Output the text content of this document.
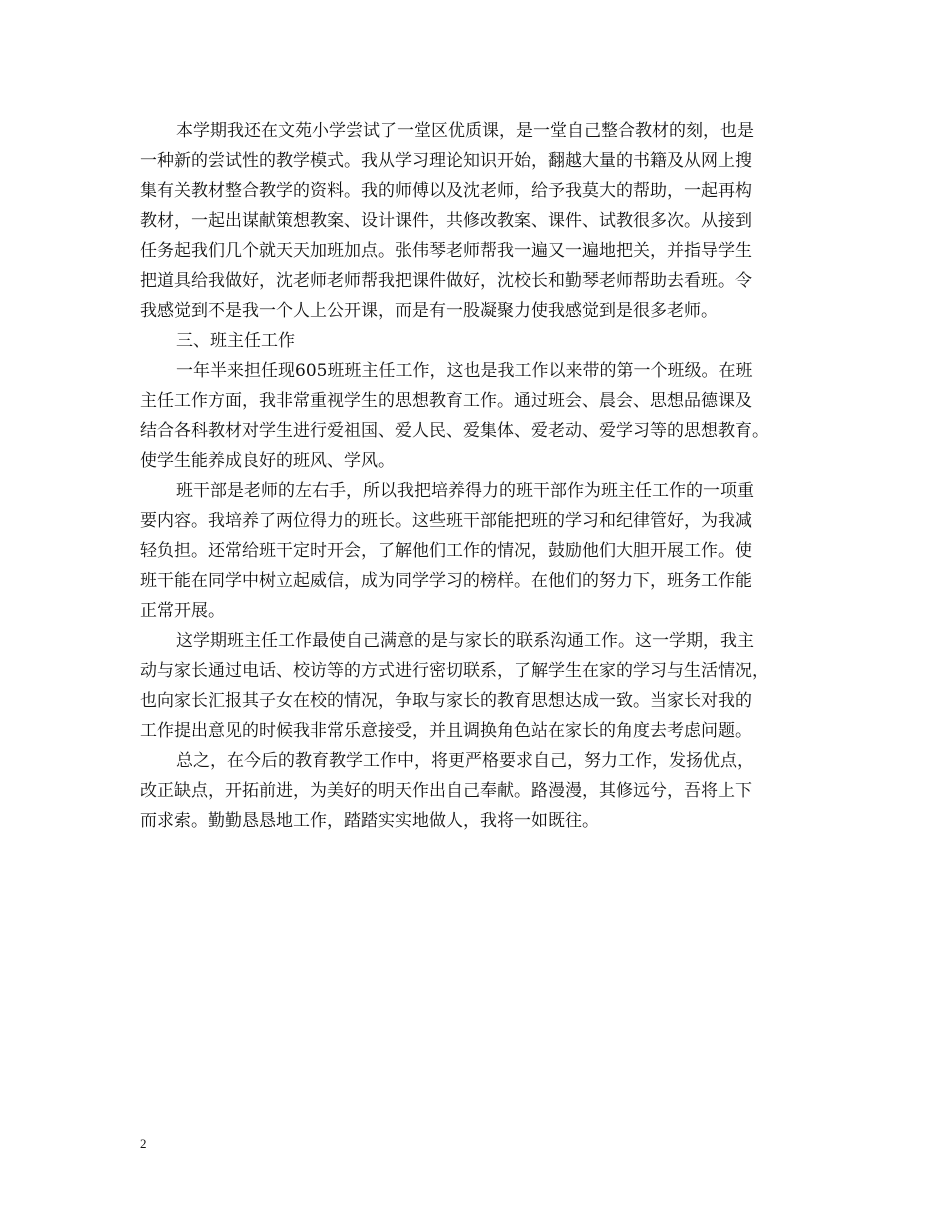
本学期我还在文苑小学尝试了一堂区优质课，是一堂自己整合教材的刻，也是
一种新的尝试性的教学模式。我从学习理论知识开始，翻越大量的书籍及从网上搜
集有关教材整合教学的资料。我的师傅以及沈老师，给予我莫大的帮助，一起再构
教材，一起出谋献策想教案、设计课件，共修改教案、课件、试教很多次。从接到
任务起我们几个就天天加班加点。张伟琴老师帮我一遍又一遍地把关，并指导学生
把道具给我做好，沈老师老师帮我把课件做好，沈校长和勤琴老师帮助去看班。令
我感觉到不是我一个人上公开课，而是有一股凝聚力使我感觉到是很多老师。
三、班主任工作
一年半来担任现605班班主任工作，这也是我工作以来带的第一个班级。在班
主任工作方面，我非常重视学生的思想教育工作。通过班会、晨会、思想品德课及
结合各科教材对学生进行爱祖国、爱人民、爱集体、爱老动、爱学习等的思想教育。
使学生能养成良好的班风、学风。
班干部是老师的左右手，所以我把培养得力的班干部作为班主任工作的一项重
要内容。我培养了两位得力的班长。这些班干部能把班的学习和纪律管好，为我减
轻负担。还常给班干定时开会，了解他们工作的情况，鼓励他们大胆开展工作。使
班干能在同学中树立起威信，成为同学学习的榜样。在他们的努力下，班务工作能
正常开展。
这学期班主任工作最使自己满意的是与家长的联系沟通工作。这一学期，我主
动与家长通过电话、校访等的方式进行密切联系，了解学生在家的学习与生活情况，
也向家长汇报其子女在校的情况，争取与家长的教育思想达成一致。当家长对我的
工作提出意见的时候我非常乐意接受，并且调换角色站在家长的角度去考虑问题。
总之，在今后的教育教学工作中，将更严格要求自己，努力工作，发扬优点，
改正缺点，开拓前进，为美好的明天作出自己奉献。路漫漫，其修远兮，吾将上下
而求索。勤勤恳恳地工作，踏踏实实地做人，我将一如既往。
2
